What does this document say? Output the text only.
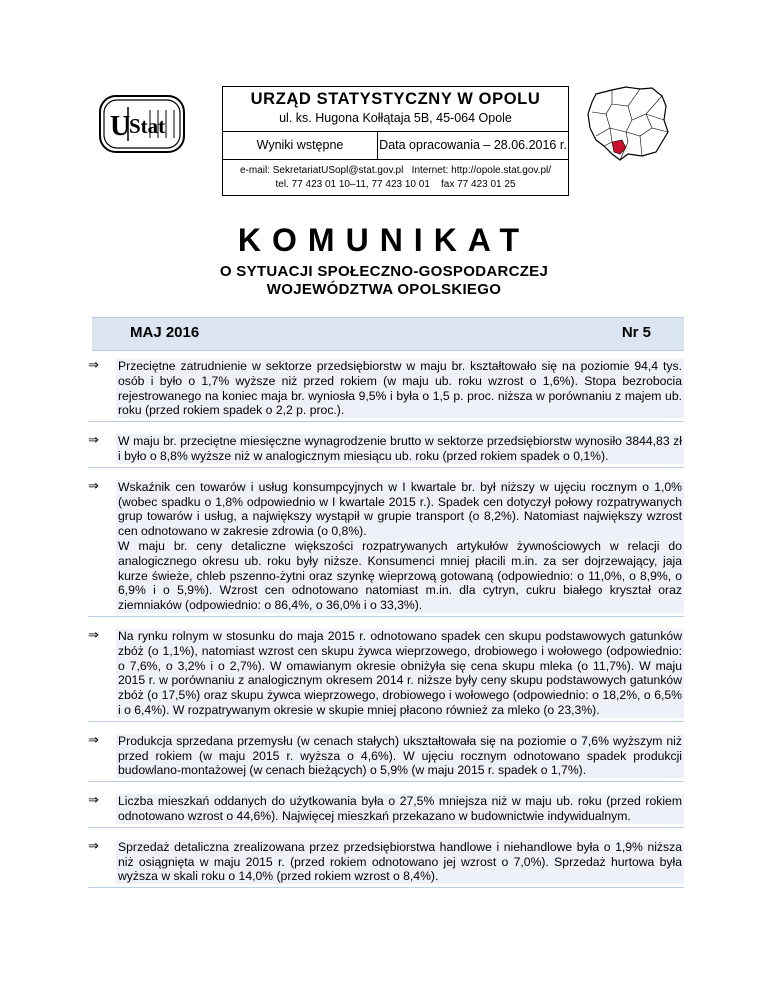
U
Stat
URZĄD STATYSTYCZNY W OPOLU
ul. ks. Hugona Kołłątaja 5B, 45-064 Opole
Wyniki wstępne	Data opracowania – 28.06.2016 r.
e-mail: SekretariatUSopl@stat.gov.pl   Internet: http://opole.stat.gov.pl/
tel. 77 423 01 10–11, 77 423 10 01    fax 77 423 01 25
KOMUNIKAT
O SYTUACJI SPOŁECZNO-GOSPODARCZEJ
WOJEWÓDZTWA OPOLSKIEGO
MAJ 2016	Nr 5
⇒	Przeciętne zatrudnienie w sektorze przedsiębiorstw w maju br. kształtowało się na poziomie 94,4 tys. osób i było o 1,7% wyższe niż przed rokiem (w maju ub. roku wzrost o 1,6%). Stopa bezrobocia rejestrowanego na koniec maja br. wyniosła 9,5% i była o 1,5 p. proc. niższa w porównaniu z majem ub. roku (przed rokiem spadek o 2,2 p. proc.).
⇒	W maju br. przeciętne miesięczne wynagrodzenie brutto w sektorze przedsiębiorstw wynosiło 3844,83 zł i było o 8,8% wyższe niż w analogicznym miesiącu ub. roku (przed rokiem spadek o 0,1%).
⇒	Wskaźnik cen towarów i usług konsumpcyjnych w I kwartale br. był niższy w ujęciu rocznym o 1,0% (wobec spadku o 1,8% odpowiednio w I kwartale 2015 r.). Spadek cen dotyczył połowy rozpatrywanych grup towarów i usług, a największy wystąpił w grupie transport (o 8,2%). Natomiast największy wzrost cen odnotowano w zakresie zdrowia (o 0,8%).
W maju br. ceny detaliczne większości rozpatrywanych artykułów żywnościowych w relacji do analogicznego okresu ub. roku były niższe. Konsumenci mniej płacili m.in. za ser dojrzewający, jaja kurze świeże, chleb pszenno-żytni oraz szynkę wieprzową gotowaną (odpowiednio: o 11,0%, o 8,9%, o 6,9% i o 5,9%). Wzrost cen odnotowano natomiast m.in. dla cytryn, cukru białego kryształ oraz ziemniaków (odpowiednio: o 86,4%, o 36,0% i o 33,3%).
⇒	Na rynku rolnym w stosunku do maja 2015 r. odnotowano spadek cen skupu podstawowych gatunków zbóż (o 1,1%), natomiast wzrost cen skupu żywca wieprzowego, drobiowego i wołowego (odpowiednio: o 7,6%, o 3,2% i o 2,7%). W omawianym okresie obniżyła się cena skupu mleka (o 11,7%). W maju 2015 r. w porównaniu z analogicznym okresem 2014 r. niższe były ceny skupu podstawowych gatunków zbóż (o 17,5%) oraz skupu żywca wieprzowego, drobiowego i wołowego (odpowiednio: o 18,2%, o 6,5% i o 6,4%). W rozpatrywanym okresie w skupie mniej płacono również za mleko (o 23,3%).
⇒	Produkcja sprzedana przemysłu (w cenach stałych) ukształtowała się na poziomie o 7,6% wyższym niż przed rokiem (w maju 2015 r. wyższa o 4,6%). W ujęciu rocznym odnotowano spadek produkcji budowlano-montażowej (w cenach bieżących) o 5,9% (w maju 2015 r. spadek o 1,7%).
⇒	Liczba mieszkań oddanych do użytkowania była o 27,5% mniejsza niż w maju ub. roku (przed rokiem odnotowano wzrost o 44,6%). Najwięcej mieszkań przekazano w budownictwie indywidualnym.
⇒	Sprzedaż detaliczna zrealizowana przez przedsiębiorstwa handlowe i niehandlowe była o 1,9% niższa niż osiągnięta w maju 2015 r. (przed rokiem odnotowano jej wzrost o 7,0%). Sprzedaż hurtowa była wyższa w skali roku o 14,0% (przed rokiem wzrost o 8,4%).
